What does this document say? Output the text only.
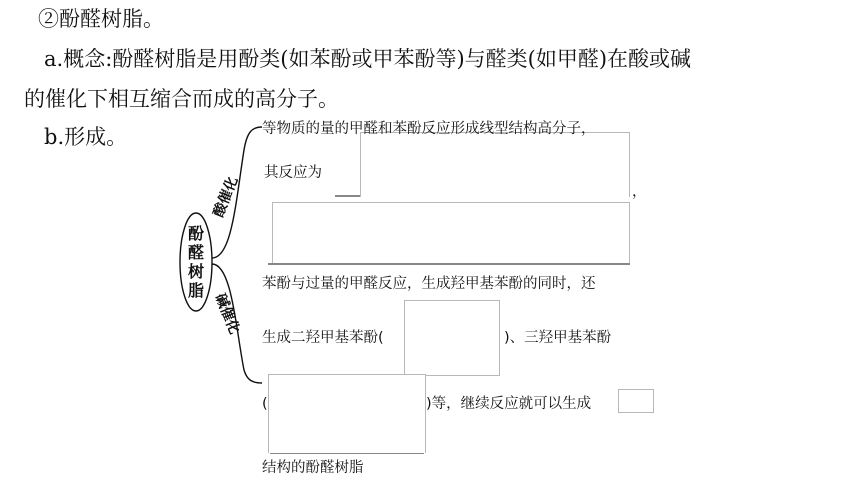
②酚醛树脂。
a.概念:酚醛树脂是用酚类(如苯酚或甲苯酚等)与醛类(如甲醛)在酸或碱
的催化下相互缩合而成的高分子。
b.形成。
酚
醛
树
脂
酸催化
碱催化
等物质的量的甲醛和苯酚反应形成线型结构高分子，
其反应为
，
苯酚与过量的甲醛反应，生成羟甲基苯酚的同时，还
生成二羟甲基苯酚(	)、三羟甲基苯酚
(	)等，继续反应就可以生成
结构的酚醛树脂
